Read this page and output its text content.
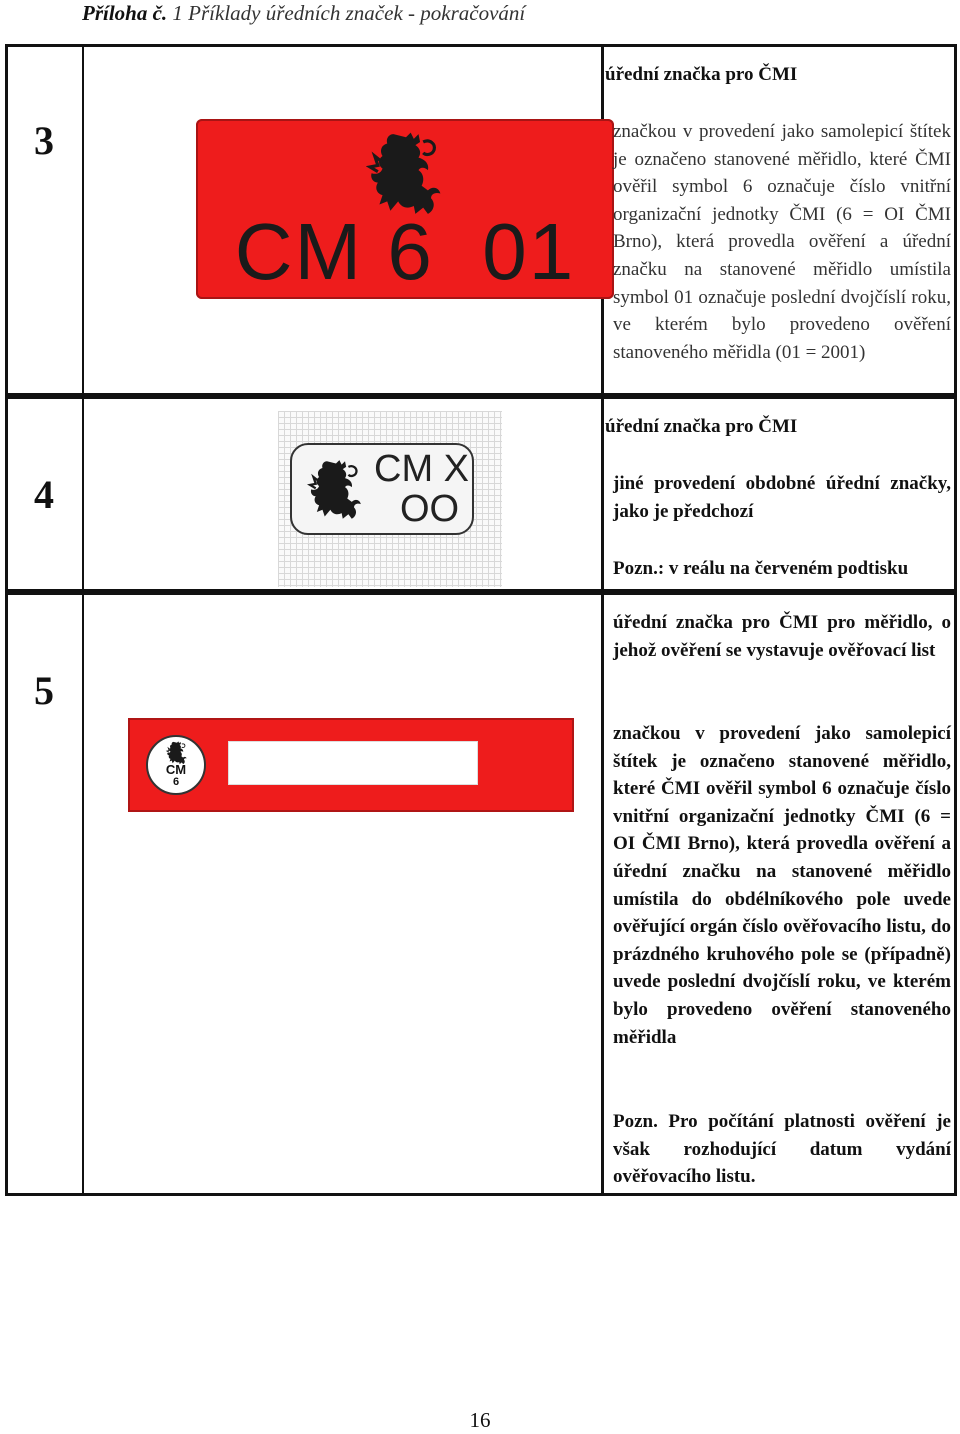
Příloha č. 1 Příklady úředních značek - pokračování
3
CM 6  01
úřední značka pro ČMI

značkou v provedení jako samolepicí štítek je označeno stanovené měřidlo, které ČMI ověřil symbol 6 označuje číslo vnitřní organizační jednotky ČMI (6 = OI ČMI Brno), která provedla ověření a úřední značku na stanovené měřidlo umístila symbol 01 označuje poslední dvojčíslí roku, ve kterém bylo provedeno ověření stanoveného měřidla (01 = 2001)

4
CM X
OO
úřední značka pro ČMI

jiné provedení obdobné úřední značky, jako je předchozí

Pozn.: v reálu na červeném podtisku

5
CM
6

úřední značka pro ČMI pro měřidlo, o jehož ověření se vystavuje ověřovací list

značkou v provedení jako samolepicí štítek je označeno stanovené měřidlo, které ČMI ověřil symbol 6 označuje číslo vnitřní organizační jednotky ČMI (6 = OI ČMI Brno), která provedla ověření a úřední značku na stanovené měřidlo umístila do obdélníkového pole uvede ověřující orgán číslo ověřovacího listu, do prázdného kruhového pole se (případně) uvede poslední dvojčíslí roku, ve kterém bylo provedeno ověření stanoveného měřidla

Pozn. Pro počítání platnosti ověření je však rozhodující datum vydání ověřovacího listu.

16
